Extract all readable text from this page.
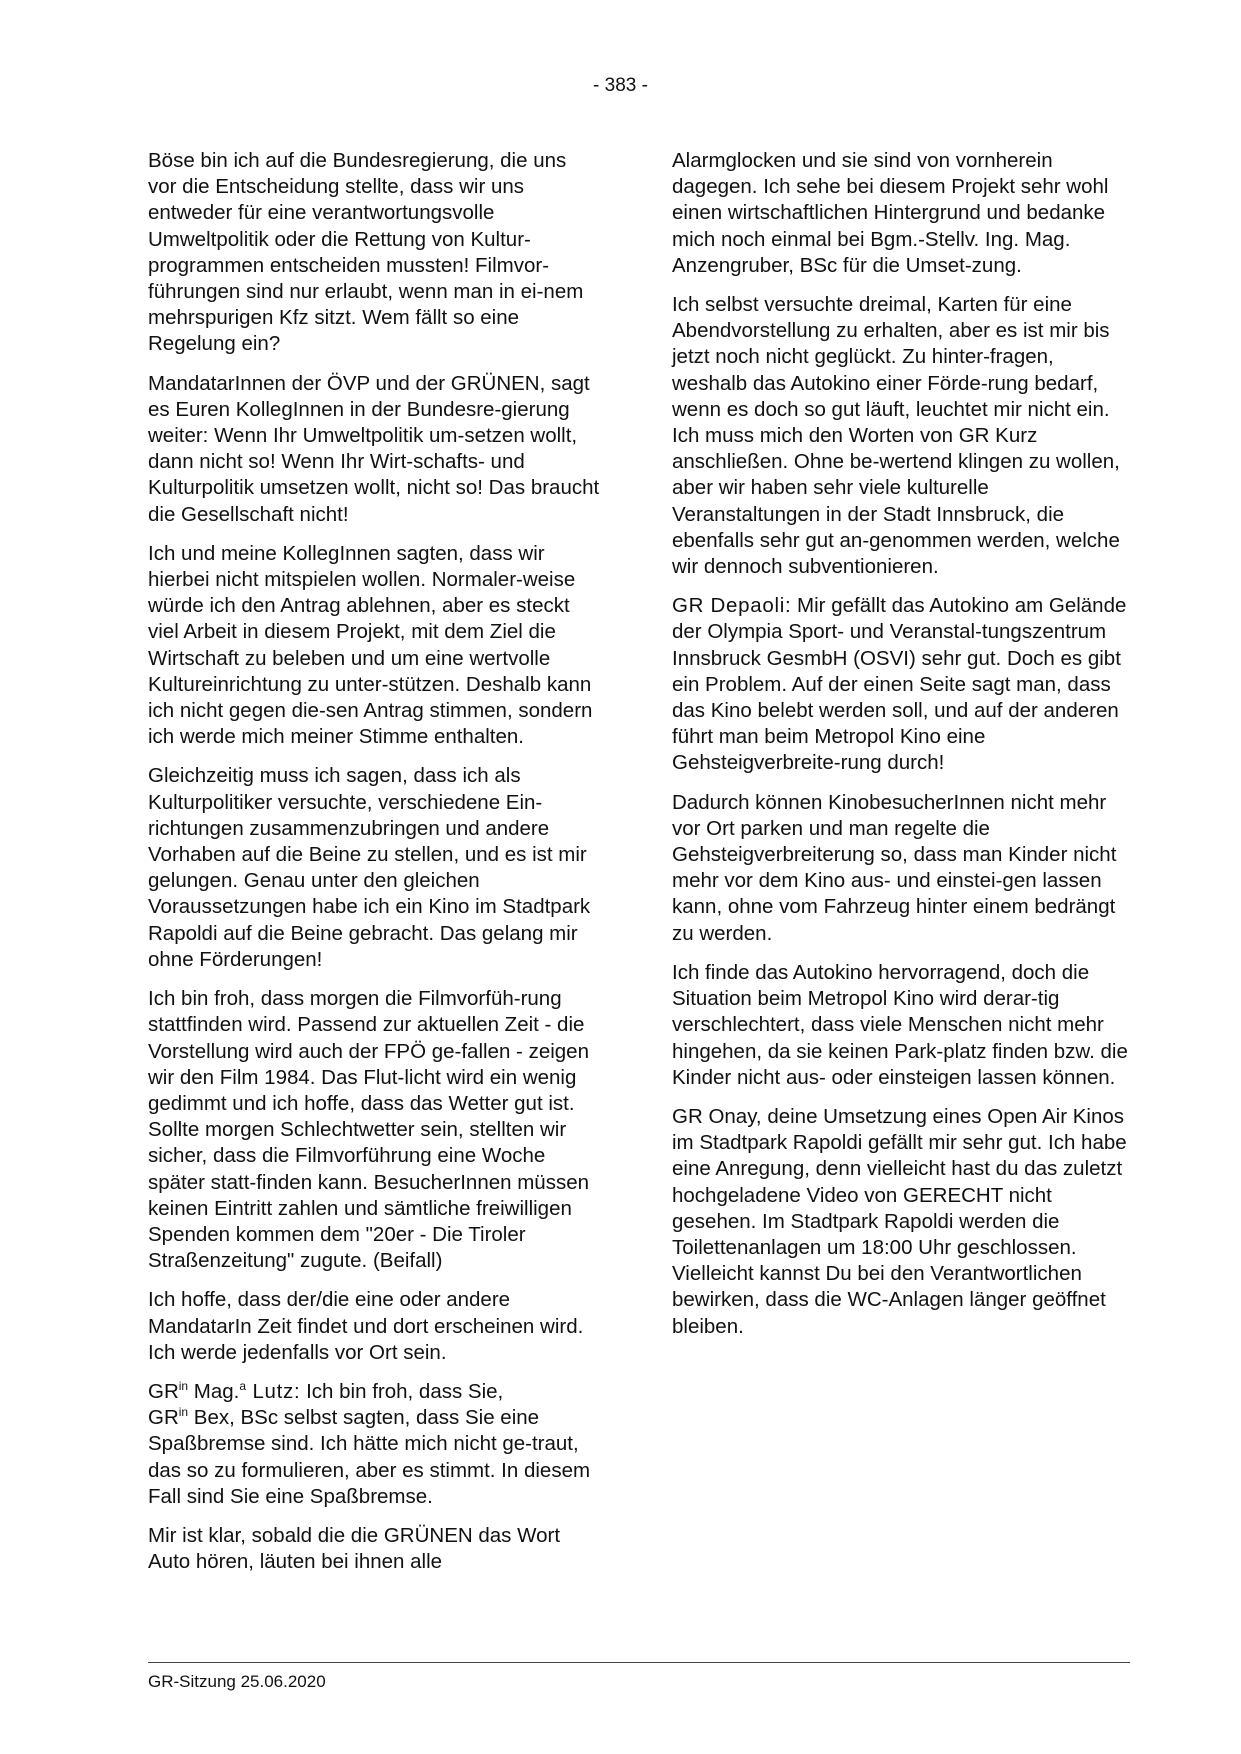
- 383 -

Böse bin ich auf die Bundesregierung, die uns vor die Entscheidung stellte, dass wir uns entweder für eine verantwortungsvolle Umweltpolitik oder die Rettung von Kultur-programmen entscheiden mussten! Filmvor-führungen sind nur erlaubt, wenn man in ei-nem mehrspurigen Kfz sitzt. Wem fällt so eine Regelung ein?

MandatarInnen der ÖVP und der GRÜNEN, sagt es Euren KollegInnen in der Bundesre-gierung weiter: Wenn Ihr Umweltpolitik um-setzen wollt, dann nicht so! Wenn Ihr Wirt-schafts- und Kulturpolitik umsetzen wollt, nicht so! Das braucht die Gesellschaft nicht!

Ich und meine KollegInnen sagten, dass wir hierbei nicht mitspielen wollen. Normaler-weise würde ich den Antrag ablehnen, aber es steckt viel Arbeit in diesem Projekt, mit dem Ziel die Wirtschaft zu beleben und um eine wertvolle Kultureinrichtung zu unter-stützen. Deshalb kann ich nicht gegen die-sen Antrag stimmen, sondern ich werde mich meiner Stimme enthalten.

Gleichzeitig muss ich sagen, dass ich als Kulturpolitiker versuchte, verschiedene Ein-richtungen zusammenzubringen und andere Vorhaben auf die Beine zu stellen, und es ist mir gelungen. Genau unter den gleichen Voraussetzungen habe ich ein Kino im Stadtpark Rapoldi auf die Beine gebracht. Das gelang mir ohne Förderungen!

Ich bin froh, dass morgen die Filmvorfüh-rung stattfinden wird. Passend zur aktuellen Zeit - die Vorstellung wird auch der FPÖ ge-fallen - zeigen wir den Film 1984. Das Flut-licht wird ein wenig gedimmt und ich hoffe, dass das Wetter gut ist. Sollte morgen Schlechtwetter sein, stellten wir sicher, dass die Filmvorführung eine Woche später statt-finden kann. BesucherInnen müssen keinen Eintritt zahlen und sämtliche freiwilligen Spenden kommen dem "20er - Die Tiroler Straßenzeitung" zugute. (Beifall)

Ich hoffe, dass der/die eine oder andere MandatarIn Zeit findet und dort erscheinen wird. Ich werde jedenfalls vor Ort sein.

$GR^{in}$ Mag.$^a$ Lutz: Ich bin froh, dass Sie,
$GR^{in}$ Bex, BSc selbst sagten, dass Sie eine Spaßbremse sind. Ich hätte mich nicht ge-traut, das so zu formulieren, aber es stimmt. In diesem Fall sind Sie eine Spaßbremse.

Mir ist klar, sobald die die GRÜNEN das Wort Auto hören, läuten bei ihnen alle

Alarmglocken und sie sind von vornherein dagegen. Ich sehe bei diesem Projekt sehr wohl einen wirtschaftlichen Hintergrund und bedanke mich noch einmal bei Bgm.-Stellv. Ing. Mag. Anzengruber, BSc für die Umset-zung.

Ich selbst versuchte dreimal, Karten für eine Abendvorstellung zu erhalten, aber es ist mir bis jetzt noch nicht geglückt. Zu hinter-fragen, weshalb das Autokino einer Förde-rung bedarf, wenn es doch so gut läuft, leuchtet mir nicht ein. Ich muss mich den Worten von GR Kurz anschließen. Ohne be-wertend klingen zu wollen, aber wir haben sehr viele kulturelle Veranstaltungen in der Stadt Innsbruck, die ebenfalls sehr gut an-genommen werden, welche wir dennoch subventionieren.

GR Depaoli: Mir gefällt das Autokino am Gelände der Olympia Sport- und Veranstal-tungszentrum Innsbruck GesmbH (OSVI) sehr gut. Doch es gibt ein Problem. Auf der einen Seite sagt man, dass das Kino belebt werden soll, und auf der anderen führt man beim Metropol Kino eine Gehsteigverbreite-rung durch!

Dadurch können KinobesucherInnen nicht mehr vor Ort parken und man regelte die Gehsteigverbreiterung so, dass man Kinder nicht mehr vor dem Kino aus- und einstei-gen lassen kann, ohne vom Fahrzeug hinter einem bedrängt zu werden.

Ich finde das Autokino hervorragend, doch die Situation beim Metropol Kino wird derar-tig verschlechtert, dass viele Menschen nicht mehr hingehen, da sie keinen Park-platz finden bzw. die Kinder nicht aus- oder einsteigen lassen können.

GR Onay, deine Umsetzung eines Open Air Kinos im Stadtpark Rapoldi gefällt mir sehr gut. Ich habe eine Anregung, denn vielleicht hast du das zuletzt hochgeladene Video von GERECHT nicht gesehen. Im Stadtpark Rapoldi werden die Toilettenanlagen um 18:00 Uhr geschlossen. Vielleicht kannst Du bei den Verantwortlichen bewirken, dass die WC-Anlagen länger geöffnet bleiben.

GR-Sitzung 25.06.2020
